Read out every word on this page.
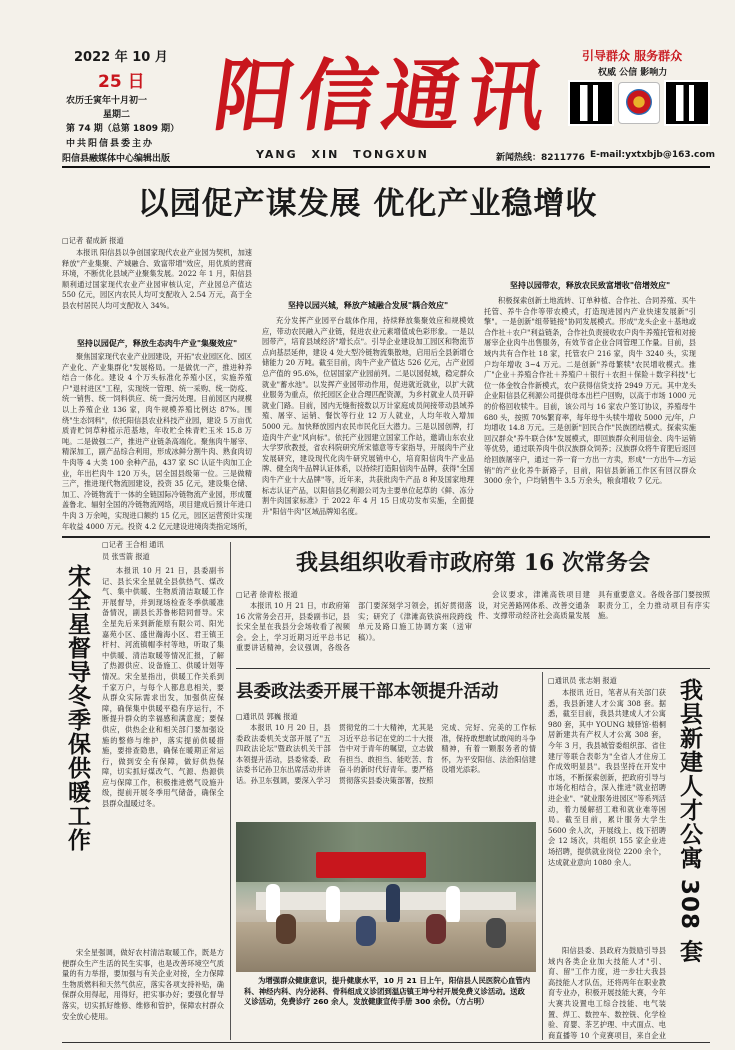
2022 年 10 月
25 日
农历壬寅年十月初一
星期二
第 74 期（总第 1809 期）
中共阳信县委主办
阳信县融媒体中心编辑出版
阳信通讯
YANG XIN TONGXUN
引导群众 服务群众
权威 公信 影响力
新闻热线：8211776 E-mail:yxtxbjb@163.com
以园促产谋发展 优化产业稳增收
□记者 翟成新 报道
本报讯 阳信县以争创国家现代农业产业园为契机，加速释放"产业集聚、产城融合、致富带增"效应，用优质的营商环境，不断优化县域产业聚集发展。2022 年 1 月，阳信县顺利通过国家现代农业产业园审核认定，产业园总产值达 550 亿元，园区内农民人均可支配收入 2.54 万元，高于全县农村居民人均可支配收入 34%。
坚持以园促产，释放生态肉牛产业"集聚效应"
聚焦国家现代农业产业园建设，开拓"农业园区化、园区产业化、产业集群化"发展格局。一是做优一产，推进种养结合一体化。建设 4 个万头标准化养殖小区，实施养殖户"退村进区"工程，实现统一管理、统一采购、统一防疫、统一销售、统一饲料供应、统一粪污处理。目前园区内规模以上养殖企业 136 家，肉牛规模养殖比例达 87%。围绕"生态饲料"，依托阳信县农业科技产业园，建设 5 万亩优质青贮饲草种植示范基地，年收贮全株青贮玉米 15.8 万吨。二是做强二产，推进产业链条高端化。聚焦肉牛屠宰、精深加工，副产品综合利用，形成冰鲜分割牛肉、熟食肉切牛肉等 4 大类 100 余种产品，437 家 SC 认证牛肉加工企业，年出栏肉牛 120 万头，居全国县级第一位。三是做精三产，推进现代物流园建设，投资 35 亿元，建设集仓储、加工、冷链物流于一体的全链国际冷链物流产业园，形成覆盖鲁北、辐射全国的冷链物流网络，项目建成后预计年进口牛肉 3 万余吨，实现进口额约 15 亿元，园区运营预计实现年收益 4000 万元。投资 4.2 亿元建设进境肉类指定场所，
坚持以园兴城，释放产城融合发展"耦合效应"
充分发挥产业园平台载体作用，持续释放集聚效应和规模效应，带动农民融入产业链，促进农业元素增值成色彩形象。一是以园带产，培育县域经济"增长点"。引导企业建设加工园区和物流节点向基层延伸，建设 4 处大型冷链物流集散地，启用后全县新增仓储能力 20 万吨。截至目前，肉牛产业产值达 526 亿元，占产业园总产值的 95.6%，位居国家产业园前列。二是以园促城，稳定群众就业"蓄水池"。以发挥产业园带动作用，促进就近就业，以扩大就业服务为重点，依托园区企业合理匹配资源，为乡村就业人员开辟就业门路。目前，园内无缝衔接数以万计家庭成员间接带动县域养殖、屠宰、运销、餐饮等行业 12 万人就业，人均年收入增加 5000 元。加快释放园内农民市民化巨大潜力。三是以园创牌，打造肉牛产业"风向标"。依托产业园建立国家工作站，邀请山东农业大学罗欣教授，省农科院研究所宋德意等专家指导，开展肉牛产业发展研究，建设现代化肉牛研究展销中心，培育阳信肉牛产业品牌、健全肉牛品牌认证体系，以持续打造阳信肉牛品牌，获得"全国肉牛产业十大品牌"等，近年来，共获批肉牛产品 8 种及国家地理标志认证产品，以阳信县亿利源公司为主要单位起草的《鲜、冻分割牛肉国家标准》于 2022 年 4 月 15 日成功发布实施，全面提升"阳信牛肉"区域品牌知名度。
坚持以园带农，释放农民致富增收"倍增效应"
积极探索创新土地流转、订单种植、合作社、合同养殖、买牛托管、养牛合作等带农模式，打造现进园内产业快速发展新"引擎"。一是创新"组带链接"协同发展模式。形成"龙头企业＋基地或合作社＋农户"利益链条，合作社负责接收农户肉牛养殖托管和对接屠宰企业肉牛出售服务，有效节省企业合同管理工作量。目前，县域内共有合作社 18 家，托管农户 216 家，肉牛 3240 头，实现户均年增收 3~4 万元。二是创新"养母繁犊"农民增收模式。推广"企业＋养殖合作社＋养殖户＋银行＋农担＋保险＋数字科技"七位一体金牧合作新模式，农户获得信贷支持 2949 万元。其中龙头企业阳信县亿利源公司提供母本出栏户回购，以高于市场 1000 元的价格回收犊牛。目前，该公司与 16 家农户签订协议，养殖母牛 680 头，按照 70%繁育率，每年母牛头犊牛增收 5000 元/年，户均增收 14.8 万元。三是创新"回民合作"民族团结模式。探索实施回汉群众"养牛联合体"发展模式，即回族群众利用信金、肉牛运销等优势，通过联养肉牛供汉族群众饲养；汉族群众将牛育肥后返回给回族屠宰户，通过一养一育一方出一方卖，形成"一方出牛—方运销"的产业化养牛新路子，目前，阳信县新涌工作区有回汉群众 3000 余个，户均销售牛 3.5 万余头，粮食增收 7 亿元。
宋全星督导冬季保供暖工作
□记者 王合相 通讯
员 张雪箭 报道
本报讯 10 月 21 日，县委副书记、县长宋全星就全县供热气、煤改气、集中供暖、生物质清洁取暖工作开展督导，并到现场检查冬季供暖准备情况，副县长苏鲁彬陪同督导。宋全星先后来到新能原有限公司、阳光嘉苑小区、盛世瀚海小区、君王镇王杆村、河流镇帽李村等地，听取了集中供暖、清洁取暖等情况汇报，了解了热源供应、设备施工、供暖计划等情况。宋全星指出，供暖工作关系到千家万户，与每个人都息息相关，要从群众实际需求出发，加强供应保障，确保集中供暖平稳有序运行，不断提升群众的幸福感和满意度；要保供应，供热企业和相关部门要加强设施的整修与维护，落实提前供暖措施，要排查隐患，确保在暖期正常运行，做到安全有保障，做好供热保障，切实抓好煤改气、气源、热源供应与保障工作，积极推进燃气设施升级，提前开展冬季用气储备，确保全县群众温暖过冬。
宋全星强调，做好农村清洁取暖工作，既是方便群众生产生活的民生实事，也是改善环境空气质量的有力举措，要加强与有关企业对接，全力保障生物质燃料和天然气供应，落实各项支持补贴，确保群众用得起，用得好，把实事办好；要强化督导落实，切实抓好维修、维修和管护，保障农村群众安全放心使用。
我县组织收看市政府第 16 次常务会
□记者 徐青松 报道
本报讯 10 月 21 日，市政府第 16 次常务会召开，县委副书记，县长宋全星在我县分会场收看了视频会。会上，学习近期习近平总书记重要讲话精神，会议强调，各级各部门要深刻学习领会，抓好贯彻落实；研究了《津滩高铁滨州段跨线单元及路口施工协调方案（送审稿）》。
会议要求，津滩高铁项目建设，对完善路网体系、改善交通条件、支撑带动经济社会高质量发展具有重要意义。各级各部门要按照职责分工，全力推动项目有序实施。
县委政法委开展干部本领提升活动
□通讯员 郭巍 报道
本报讯 10 月 20 日，县委政法委机关支部开展了"五四政法论坛"暨政法机关干部本领提升活动，县委常委、政法委书记孙卫东出席活动并讲话。孙卫东强调，要深入学习贯彻党的二十大精神，尤其是习近平总书记在党的二十大报告中对于青年的嘱望，立志做有担当、敢担当、能吃苦、肯奋斗的新时代好青年。要严格贯彻落实县委决策部署，按照完成、完好、完美的工作标准，保持敢想敢试敢闯的斗争精神，有着一颗服务者的情怀，为平安阳信、法治阳信建设增光添彩。
为增强群众健康意识，提升健康水平，10 月 21 日上午，阳信县人民医院心血管内科、神经内科、内分泌科、骨科组成义诊团到温店镇王坤兮村开展免费义诊活动。送政义诊活动，免费诊疗 260 余人，发放健康宣传手册 300 余份。（方占明）
□通讯员 张志娟 报道
本报讯 近日，笔者从有关部门获悉，我县新建人才公寓 308 套。据悉，截至目前，我县共建成人才公寓 980 套，其中 YOUNG 城驿馆·梧桐居新建共有产权人才公寓 308 套，今年 3 月，我县城管委组织部、省住建厅等联合表彰为"全省人才住房工作成效明显县"。我县坚持在开发中市场，不断探索创新，把政府引导与市场化相结合，深入推进"就业招聘进企业"、"就业服务进园区"等系列活动，着力缓解招工难和就业难等困局。截至目前，累计服务大学生 5600 余人次，开展线上、线下招聘会 12 场次，共组织 155 家企业进场招聘，提供就业岗位 2200 余个，达成就业意向 1080 余人。	我县新建人才公寓 308 套
阳信县委、县政府为鼓励引导县域内各类企业加大技能人才"引、育、留"工作力度，进一步壮大我县高技能人才队伍，还将两年在职业教育专业办，积极开展技能大赛，今年大赛共设置电工综合技能、电气装置、焊工、数控车、数控铣、化学检验、育婴、茶艺护理、中式面点、电商直播等 10 个竞赛项目，来自企业
